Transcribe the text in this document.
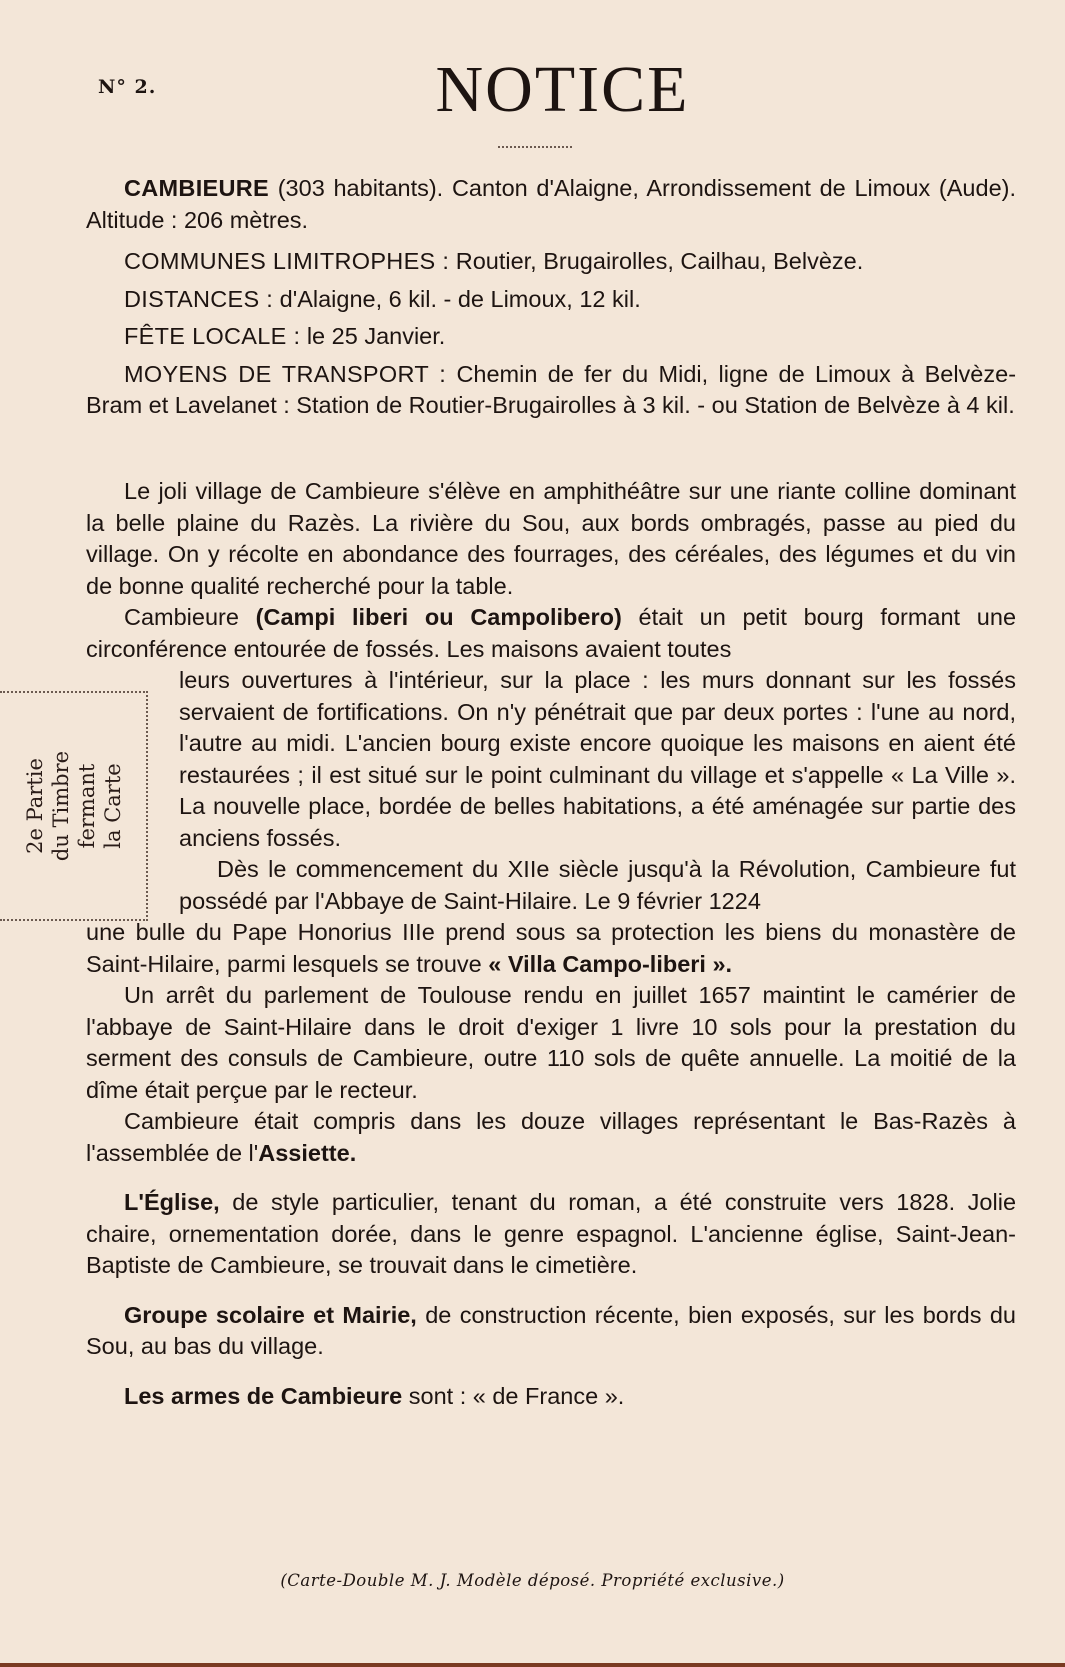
N° 2.	NOTICE

CAMBIEURE (303 habitants). Canton d'Alaigne, Arrondissement de Limoux (Aude). Altitude : 206 mètres.

COMMUNES LIMITROPHES : Routier, Brugairolles, Cailhau, Belvèze.

DISTANCES : d'Alaigne, 6 kil. - de Limoux, 12 kil.

FÊTE LOCALE : le 25 Janvier.

MOYENS DE TRANSPORT : Chemin de fer du Midi, ligne de Limoux à Belvèze-Bram et Lavelanet : Station de Routier-Brugairolles à 3 kil. - ou Station de Belvèze à 4 kil.

Le joli village de Cambieure s'élève en amphithéâtre sur une riante colline dominant la belle plaine du Razès. La rivière du Sou, aux bords ombragés, passe au pied du village. On y récolte en abondance des fourrages, des céréales, des légumes et du vin de bonne qualité recherché pour la table.

Cambieure (Campi liberi ou Campolibero) était un petit bourg formant une circonférence entourée de fossés. Les maisons avaient toutes

leurs ouvertures à l'intérieur, sur la place : les murs donnant sur les fossés servaient de fortifications. On n'y pénétrait que par deux portes : l'une au nord, l'autre au midi. L'ancien bourg existe encore quoique les maisons en aient été restaurées ; il est situé sur le point culminant du village et s'appelle « La Ville ». La nouvelle place, bordée de belles habitations, a été aménagée sur partie des anciens fossés.

Dès le commencement du XIIe siècle jusqu'à la Révolution, Cambieure fut possédé par l'Abbaye de Saint-Hilaire. Le 9 février 1224

une bulle du Pape Honorius IIIe prend sous sa protection les biens du monastère de Saint-Hilaire, parmi lesquels se trouve « Villa Campo-liberi ».

Un arrêt du parlement de Toulouse rendu en juillet 1657 maintint le camérier de l'abbaye de Saint-Hilaire dans le droit d'exiger 1 livre 10 sols pour la prestation du serment des consuls de Cambieure, outre 110 sols de quête annuelle. La moitié de la dîme était perçue par le recteur.

Cambieure était compris dans les douze villages représentant le Bas-Razès à l'assemblée de l'Assiette.

L'Église, de style particulier, tenant du roman, a été construite vers 1828. Jolie chaire, ornementation dorée, dans le genre espagnol. L'ancienne église, Saint-Jean-Baptiste de Cambieure, se trouvait dans le cimetière.

Groupe scolaire et Mairie, de construction récente, bien exposés, sur les bords du Sou, au bas du village.

Les armes de Cambieure sont : « de France ».

2e Partie du Timbre fermant la Carte
(Carte-Double M. J. Modèle déposé. Propriété exclusive.)
